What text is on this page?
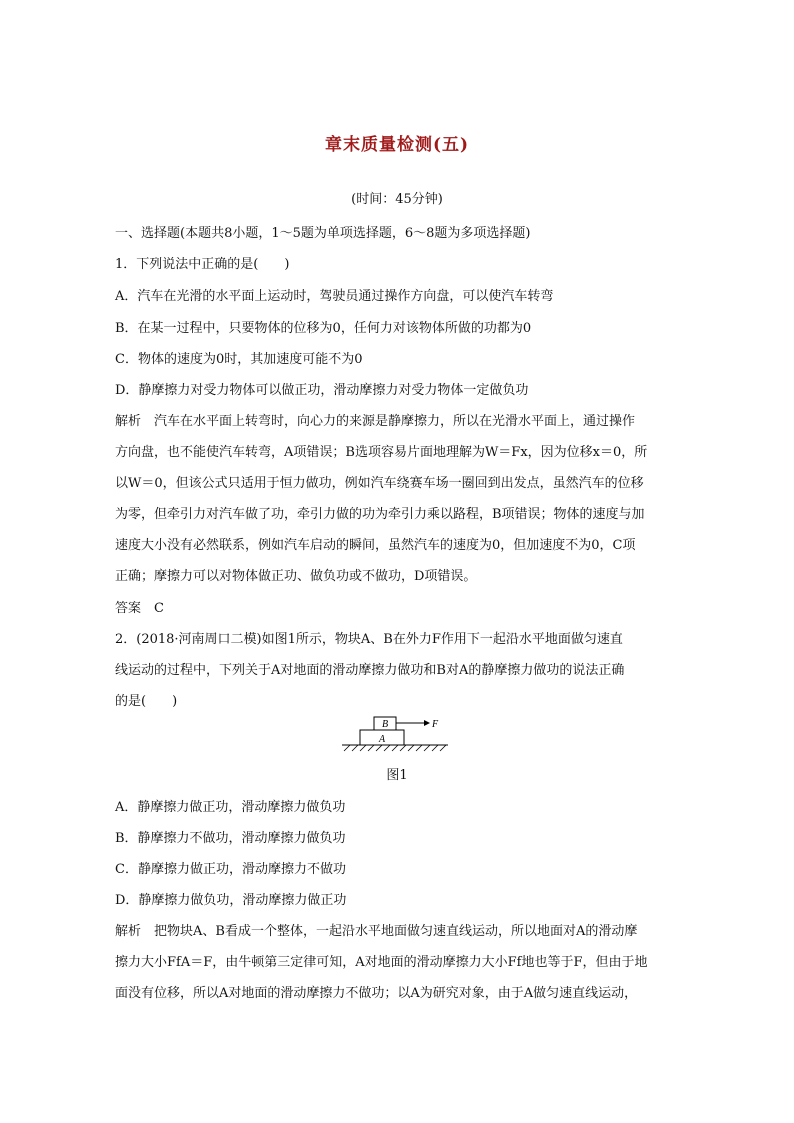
章末质量检测(五)
(时间：45分钟)
一、选择题(本题共8小题，1～5题为单项选择题，6～8题为多项选择题)
1．下列说法中正确的是(　　)
A．汽车在光滑的水平面上运动时，驾驶员通过操作方向盘，可以使汽车转弯
B．在某一过程中，只要物体的位移为0，任何力对该物体所做的功都为0
C．物体的速度为0时，其加速度可能不为0
D．静摩擦力对受力物体可以做正功，滑动摩擦力对受力物体一定做负功
解析　汽车在水平面上转弯时，向心力的来源是静摩擦力，所以在光滑水平面上，通过操作
方向盘，也不能使汽车转弯，A项错误；B选项容易片面地理解为W＝Fx，因为位移x＝0，所
以W＝0，但该公式只适用于恒力做功，例如汽车绕赛车场一圈回到出发点，虽然汽车的位移
为零，但牵引力对汽车做了功，牵引力做的功为牵引力乘以路程，B项错误；物体的速度与加
速度大小没有必然联系，例如汽车启动的瞬间，虽然汽车的速度为0，但加速度不为0，C项
正确；摩擦力可以对物体做正功、做负功或不做功，D项错误。
答案　C
2．(2018·河南周口二模)如图1所示，物块A、B在外力F作用下一起沿水平地面做匀速直
线运动的过程中，下列关于A对地面的滑动摩擦力做功和B对A的静摩擦力做功的说法正确
的是(　　)
A
B	F
图1
A．静摩擦力做正功，滑动摩擦力做负功
B．静摩擦力不做功，滑动摩擦力做负功
C．静摩擦力做正功，滑动摩擦力不做功
D．静摩擦力做负功，滑动摩擦力做正功
解析　把物块A、B看成一个整体，一起沿水平地面做匀速直线运动，所以地面对A的滑动摩
擦力大小FfA＝F，由牛顿第三定律可知，A对地面的滑动摩擦力大小Ff地也等于F，但由于地
面没有位移，所以A对地面的滑动摩擦力不做功；以A为研究对象，由于A做匀速直线运动，
